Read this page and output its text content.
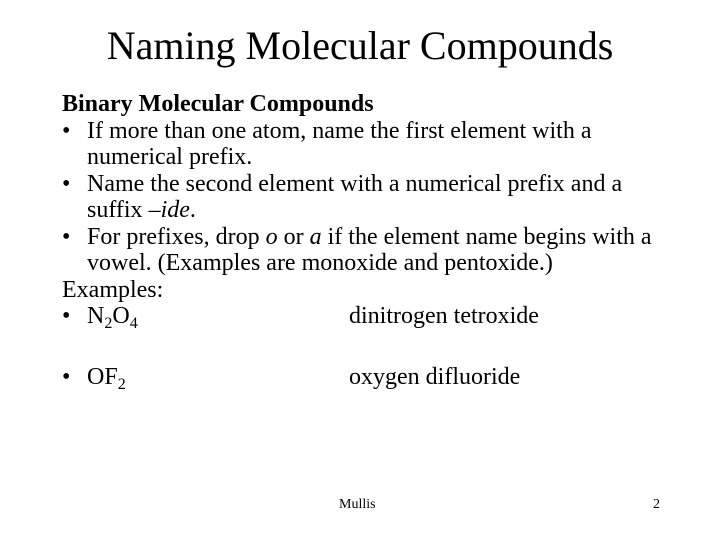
Naming Molecular Compounds
Binary Molecular Compounds
• If more than one atom, name the first element with a numerical prefix.
• Name the second element with a numerical prefix and a suffix –ide.
• For prefixes, drop o or a if the element name begins with a vowel. (Examples are monoxide and pentoxide.)
Examples:
• $N_2O_4$	dinitrogen tetroxide
• $OF_2$	oxygen difluoride
Mullis	2
